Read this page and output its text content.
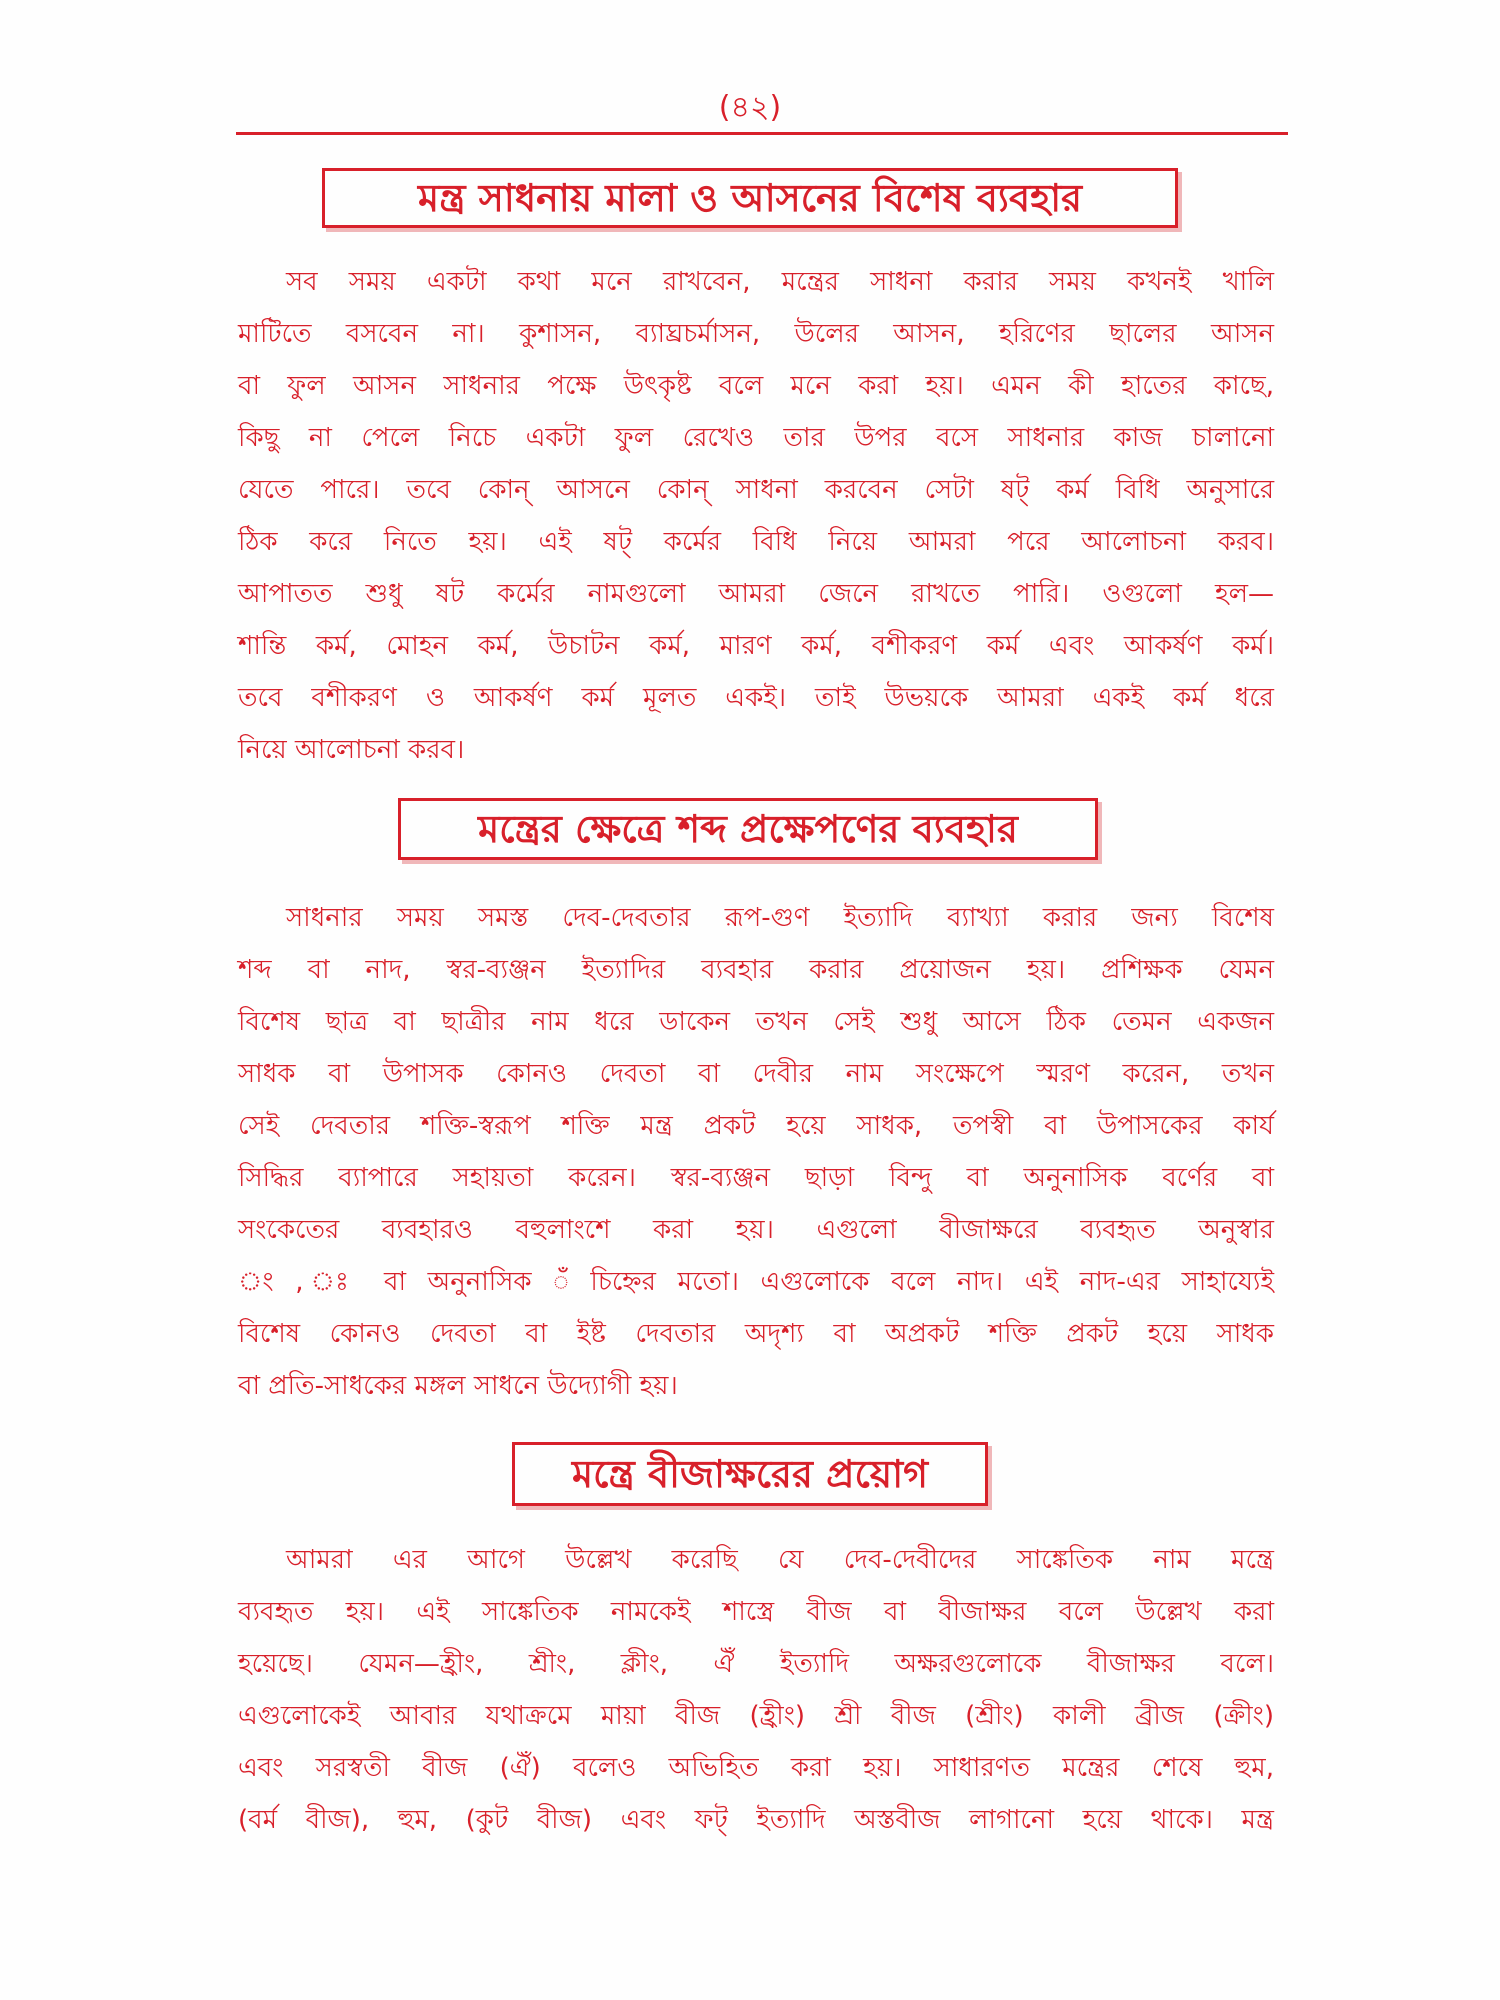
(৪২)
মন্ত্র সাধনায় মালা ও আসনের বিশেষ ব্যবহার
সব সময় একটা কথা মনে রাখবেন, মন্ত্রের সাধনা করার সময় কখনই খালি
মাটিতে বসবেন না। কুশাসন, ব্যাঘ্রচর্মাসন, উলের আসন, হরিণের ছালের আসন
বা ফুল আসন সাধনার পক্ষে উৎকৃষ্ট বলে মনে করা হয়। এমন কী হাতের কাছে,
কিছু না পেলে নিচে একটা ফুল রেখেও তার উপর বসে সাধনার কাজ চালানো
যেতে পারে। তবে কোন্ আসনে কোন্ সাধনা করবেন সেটা ষট্ কর্ম বিধি অনুসারে
ঠিক করে নিতে হয়। এই ষট্ কর্মের বিধি নিয়ে আমরা পরে আলোচনা করব।
আপাতত শুধু ষট কর্মের নামগুলো আমরা জেনে রাখতে পারি। ওগুলো হল—
শান্তি কর্ম, মোহন কর্ম, উচাটন কর্ম, মারণ কর্ম, বশীকরণ কর্ম এবং আকর্ষণ কর্ম।
তবে বশীকরণ ও আকর্ষণ কর্ম মূলত একই। তাই উভয়কে আমরা একই কর্ম ধরে
নিয়ে আলোচনা করব।
মন্ত্রের ক্ষেত্রে শব্দ প্রক্ষেপণের ব্যবহার
সাধনার সময় সমস্ত দেব-দেবতার রূপ-গুণ ইত্যাদি ব্যাখ্যা করার জন্য বিশেষ
শব্দ বা নাদ, স্বর-ব্যঞ্জন ইত্যাদির ব্যবহার করার প্রয়োজন হয়। প্রশিক্ষক যেমন
বিশেষ ছাত্র বা ছাত্রীর নাম ধরে ডাকেন তখন সেই শুধু আসে ঠিক তেমন একজন
সাধক বা উপাসক কোনও দেবতা বা দেবীর নাম সংক্ষেপে স্মরণ করেন, তখন
সেই দেবতার শক্তি-স্বরূপ শক্তি মন্ত্র প্রকট হয়ে সাধক, তপস্বী বা উপাসকের কার্য
সিদ্ধির ব্যাপারে সহায়তা করেন। স্বর-ব্যঞ্জন ছাড়া বিন্দু বা অনুনাসিক বর্ণের বা
সংকেতের ব্যবহারও বহুলাংশে করা হয়। এগুলো বীজাক্ষরে ব্যবহৃত অনুস্বার
ং , ঃ বা অনুনাসিক ँ চিহ্নের মতো। এগুলোকে বলে নাদ। এই নাদ-এর সাহায্যেই
বিশেষ কোনও দেবতা বা ইষ্ট দেবতার অদৃশ্য বা অপ্রকট শক্তি প্রকট হয়ে সাধক
বা প্রতি-সাধকের মঙ্গল সাধনে উদ্যোগী হয়।
মন্ত্রে বীজাক্ষরের প্রয়োগ
আমরা এর আগে উল্লেখ করেছি যে দেব-দেবীদের সাঙ্কেতিক নাম মন্ত্রে
ব্যবহৃত হয়। এই সাঙ্কেতিক নামকেই শাস্ত্রে বীজ বা বীজাক্ষর বলে উল্লেখ করা
হয়েছে। যেমন—হ্রীং, শ্রীং, ক্লীং, ঐঁ ইত্যাদি অক্ষরগুলোকে বীজাক্ষর বলে।
এগুলোকেই আবার যথাক্রমে মায়া বীজ (হ্রীং) শ্রী বীজ (শ্রীং) কালী ব্রীজ (ক্রীং)
এবং সরস্বতী বীজ (ঐঁ) বলেও অভিহিত করা হয়। সাধারণত মন্ত্রের শেষে হুম,
(বর্ম বীজ), হুম, (কুট বীজ) এবং ফট্ ইত্যাদি অস্তবীজ লাগানো হয়ে থাকে। মন্ত্র
